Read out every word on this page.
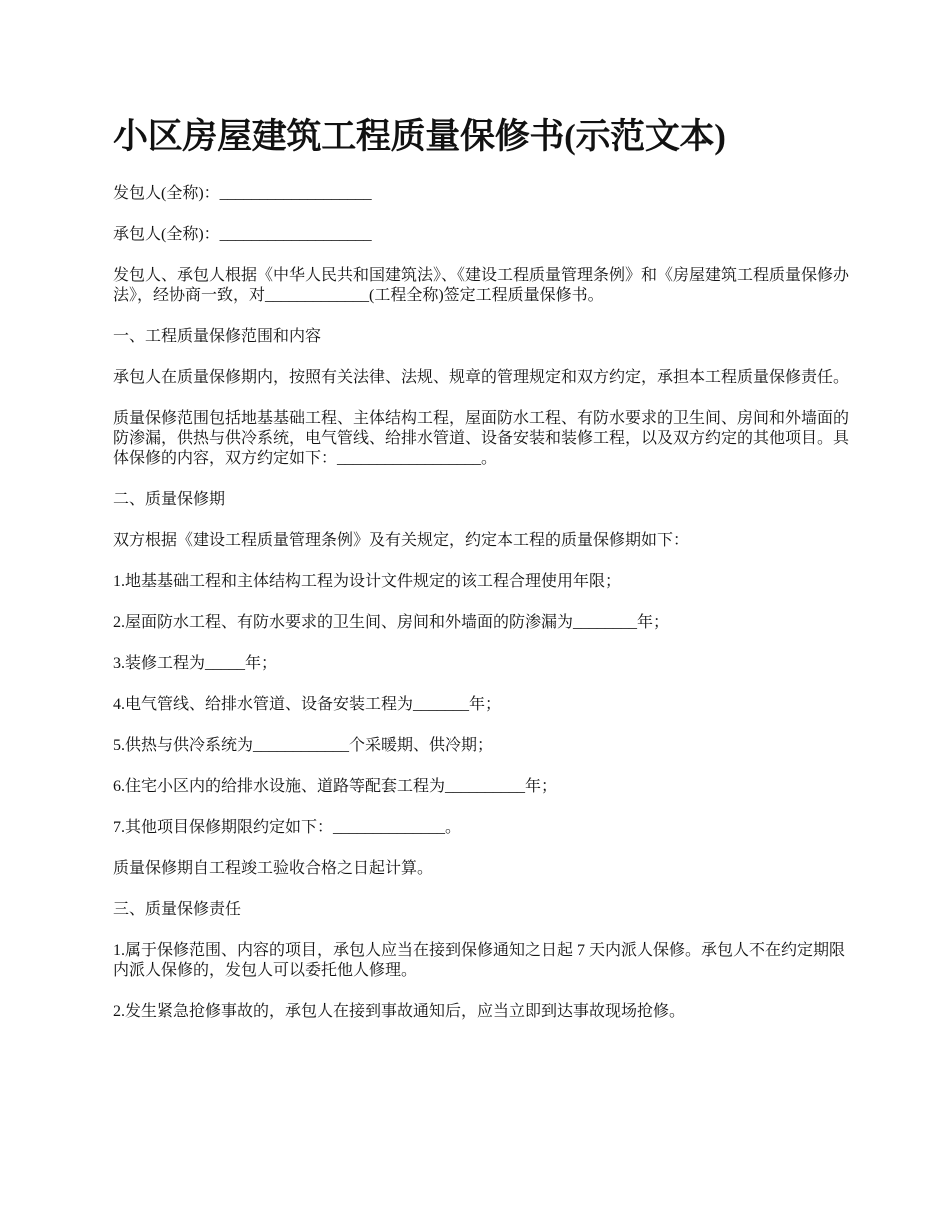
小区房屋建筑工程质量保修书(示范文本)

发包人(全称)：___________________

承包人(全称)：___________________

发包人、承包人根据《中华人民共和国建筑法》、《建设工程质量管理条例》和《房屋建筑工程质量保修办法》，经协商一致，对_____________(工程全称)签定工程质量保修书。

一、工程质量保修范围和内容

承包人在质量保修期内，按照有关法律、法规、规章的管理规定和双方约定，承担本工程质量保修责任。

质量保修范围包括地基基础工程、主体结构工程，屋面防水工程、有防水要求的卫生间、房间和外墙面的防渗漏，供热与供冷系统，电气管线、给排水管道、设备安装和装修工程，以及双方约定的其他项目。具体保修的内容，双方约定如下：__________________。

二、质量保修期

双方根据《建设工程质量管理条例》及有关规定，约定本工程的质量保修期如下：

1.地基基础工程和主体结构工程为设计文件规定的该工程合理使用年限；

2.屋面防水工程、有防水要求的卫生间、房间和外墙面的防渗漏为________年；

3.装修工程为_____年；

4.电气管线、给排水管道、设备安装工程为_______年；

5.供热与供冷系统为____________个采暖期、供冷期；

6.住宅小区内的给排水设施、道路等配套工程为__________年；

7.其他项目保修期限约定如下：______________。

质量保修期自工程竣工验收合格之日起计算。

三、质量保修责任

1.属于保修范围、内容的项目，承包人应当在接到保修通知之日起 7 天内派人保修。承包人不在约定期限内派人保修的，发包人可以委托他人修理。

2.发生紧急抢修事故的，承包人在接到事故通知后，应当立即到达事故现场抢修。
